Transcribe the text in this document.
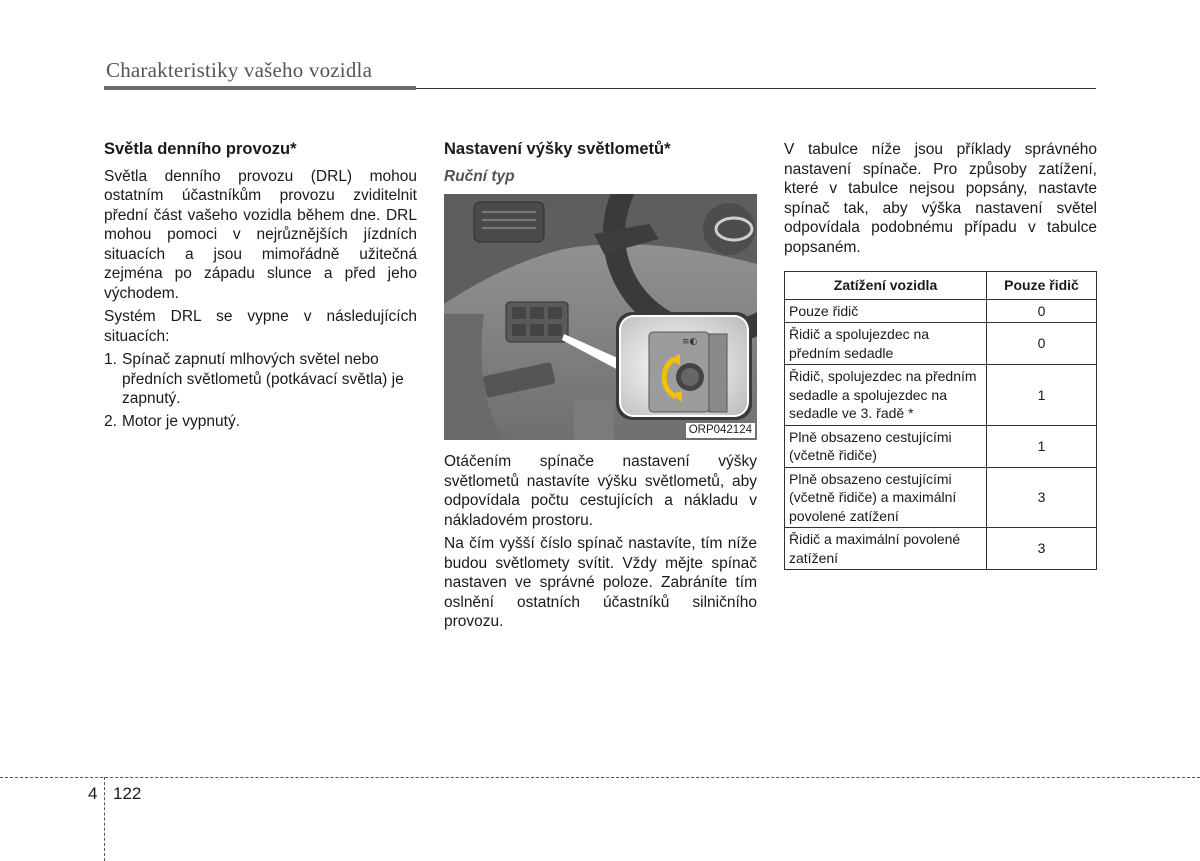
Charakteristiky vašeho vozidla
Světla denního provozu*

Světla denního provozu (DRL) mohou ostatním účastníkům provozu zviditelnit přední část vašeho vozidla během dne. DRL mohou pomoci v nejrůznějších jízdních situacích a jsou mimořádně užitečná zejména po západu slunce a před jeho východem.

Systém DRL se vypne v následujících situacích:

1. Spínač zapnutí mlhových světel nebo předních světlometů (potkávací světla) je zapnutý.
2. Motor je vypnutý.
Nastavení výšky světlometů*
Ruční typ
≡◐
ORP042124

Otáčením spínače nastavení výšky světlometů nastavíte výšku světlometů, aby odpovídala počtu cestujících a nákladu v nákladovém prostoru.

Na čím vyšší číslo spínač nastavíte, tím níže budou světlomety svítit. Vždy mějte spínač nastaven ve správné poloze. Zabráníte tím oslnění ostatních účastníků silničního provozu.

V tabulce níže jsou příklady správného nastavení spínače. Pro způsoby zatížení, které v tabulce nejsou popsány, nastavte spínač tak, aby výška nastavení světel odpovídala podobnému případu v tabulce popsaném.

Zatížení vozidla	Pouze řidič
Pouze řidič	0
Řidič a spolujezdec na předním sedadle	0
Řidič, spolujezdec na předním sedadle a spolujezdec na sedadle ve 3. řadě *	1
Plně obsazeno cestujícími (včetně řidiče)	1
Plně obsazeno cestujícími (včetně řidiče) a maximální povolené zatížení	3
Řidič a maximální povolené zatížení	3
4 122
